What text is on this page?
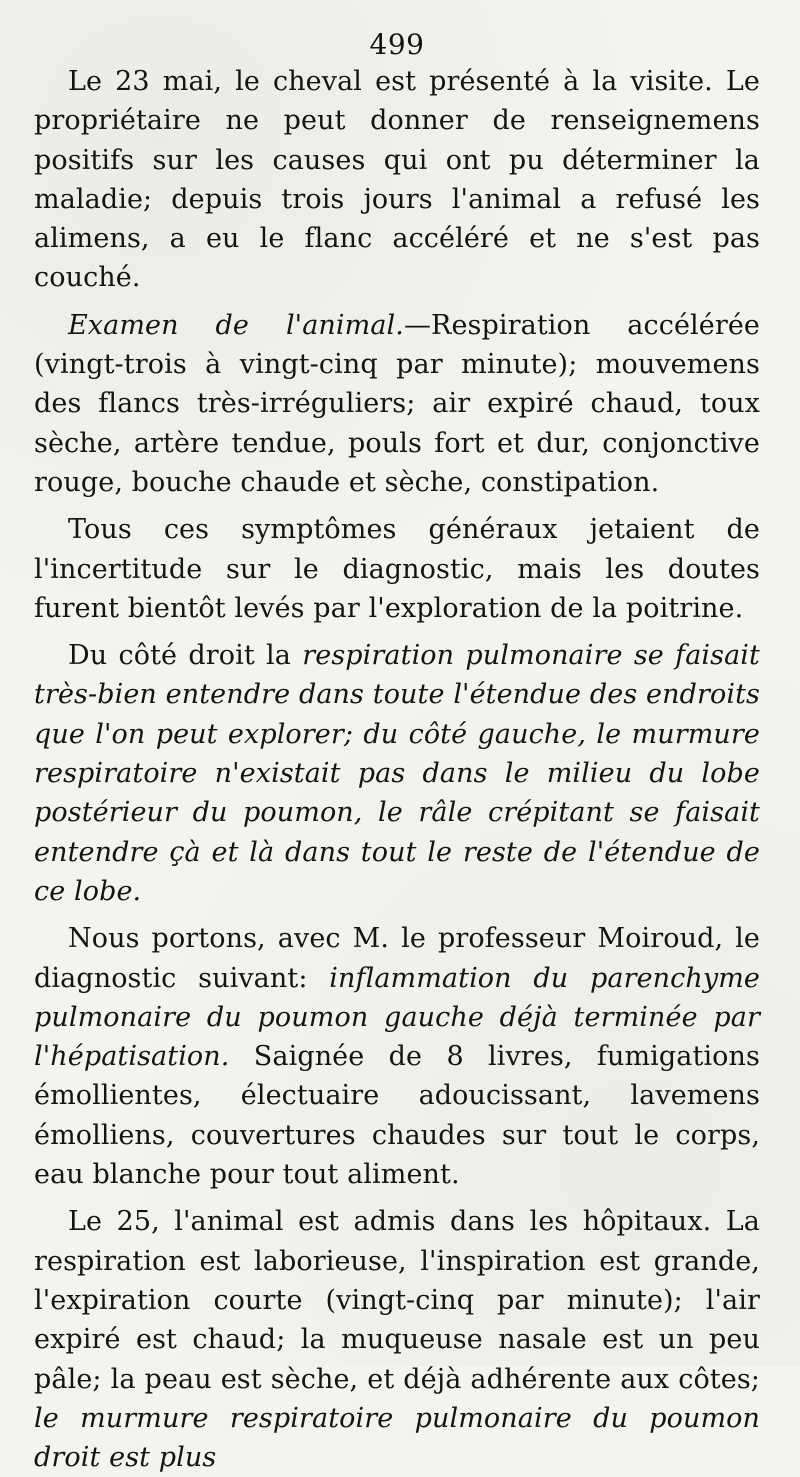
499

Le 23 mai, le cheval est présenté à la visite. Le propriétaire ne peut donner de renseignemens positifs sur les causes qui ont pu déterminer la maladie; depuis trois jours l'animal a refusé les alimens, a eu le flanc accéléré et ne s'est pas couché.

Examen de l'animal.—Respiration accélérée (vingt-trois à vingt-cinq par minute); mouvemens des flancs très-irréguliers; air expiré chaud, toux sèche, artère tendue, pouls fort et dur, conjonctive rouge, bouche chaude et sèche, constipation.

Tous ces symptômes généraux jetaient de l'incertitude sur le diagnostic, mais les doutes furent bientôt levés par l'exploration de la poitrine.

Du côté droit la respiration pulmonaire se faisait très-bien entendre dans toute l'étendue des endroits que l'on peut explorer; du côté gauche, le murmure respiratoire n'existait pas dans le milieu du lobe postérieur du poumon, le râle crépitant se faisait entendre çà et là dans tout le reste de l'étendue de ce lobe.

Nous portons, avec M. le professeur Moiroud, le diagnostic suivant: inflammation du parenchyme pulmonaire du poumon gauche déjà terminée par l'hépatisation. Saignée de 8 livres, fumigations émollientes, électuaire adoucissant, lavemens émolliens, couvertures chaudes sur tout le corps, eau blanche pour tout aliment.

Le 25, l'animal est admis dans les hôpitaux. La respiration est laborieuse, l'inspiration est grande, l'expiration courte (vingt-cinq par minute); l'air expiré est chaud; la muqueuse nasale est un peu pâle; la peau est sèche, et déjà adhérente aux côtes; le murmure respiratoire pulmonaire du poumon droit est plus
